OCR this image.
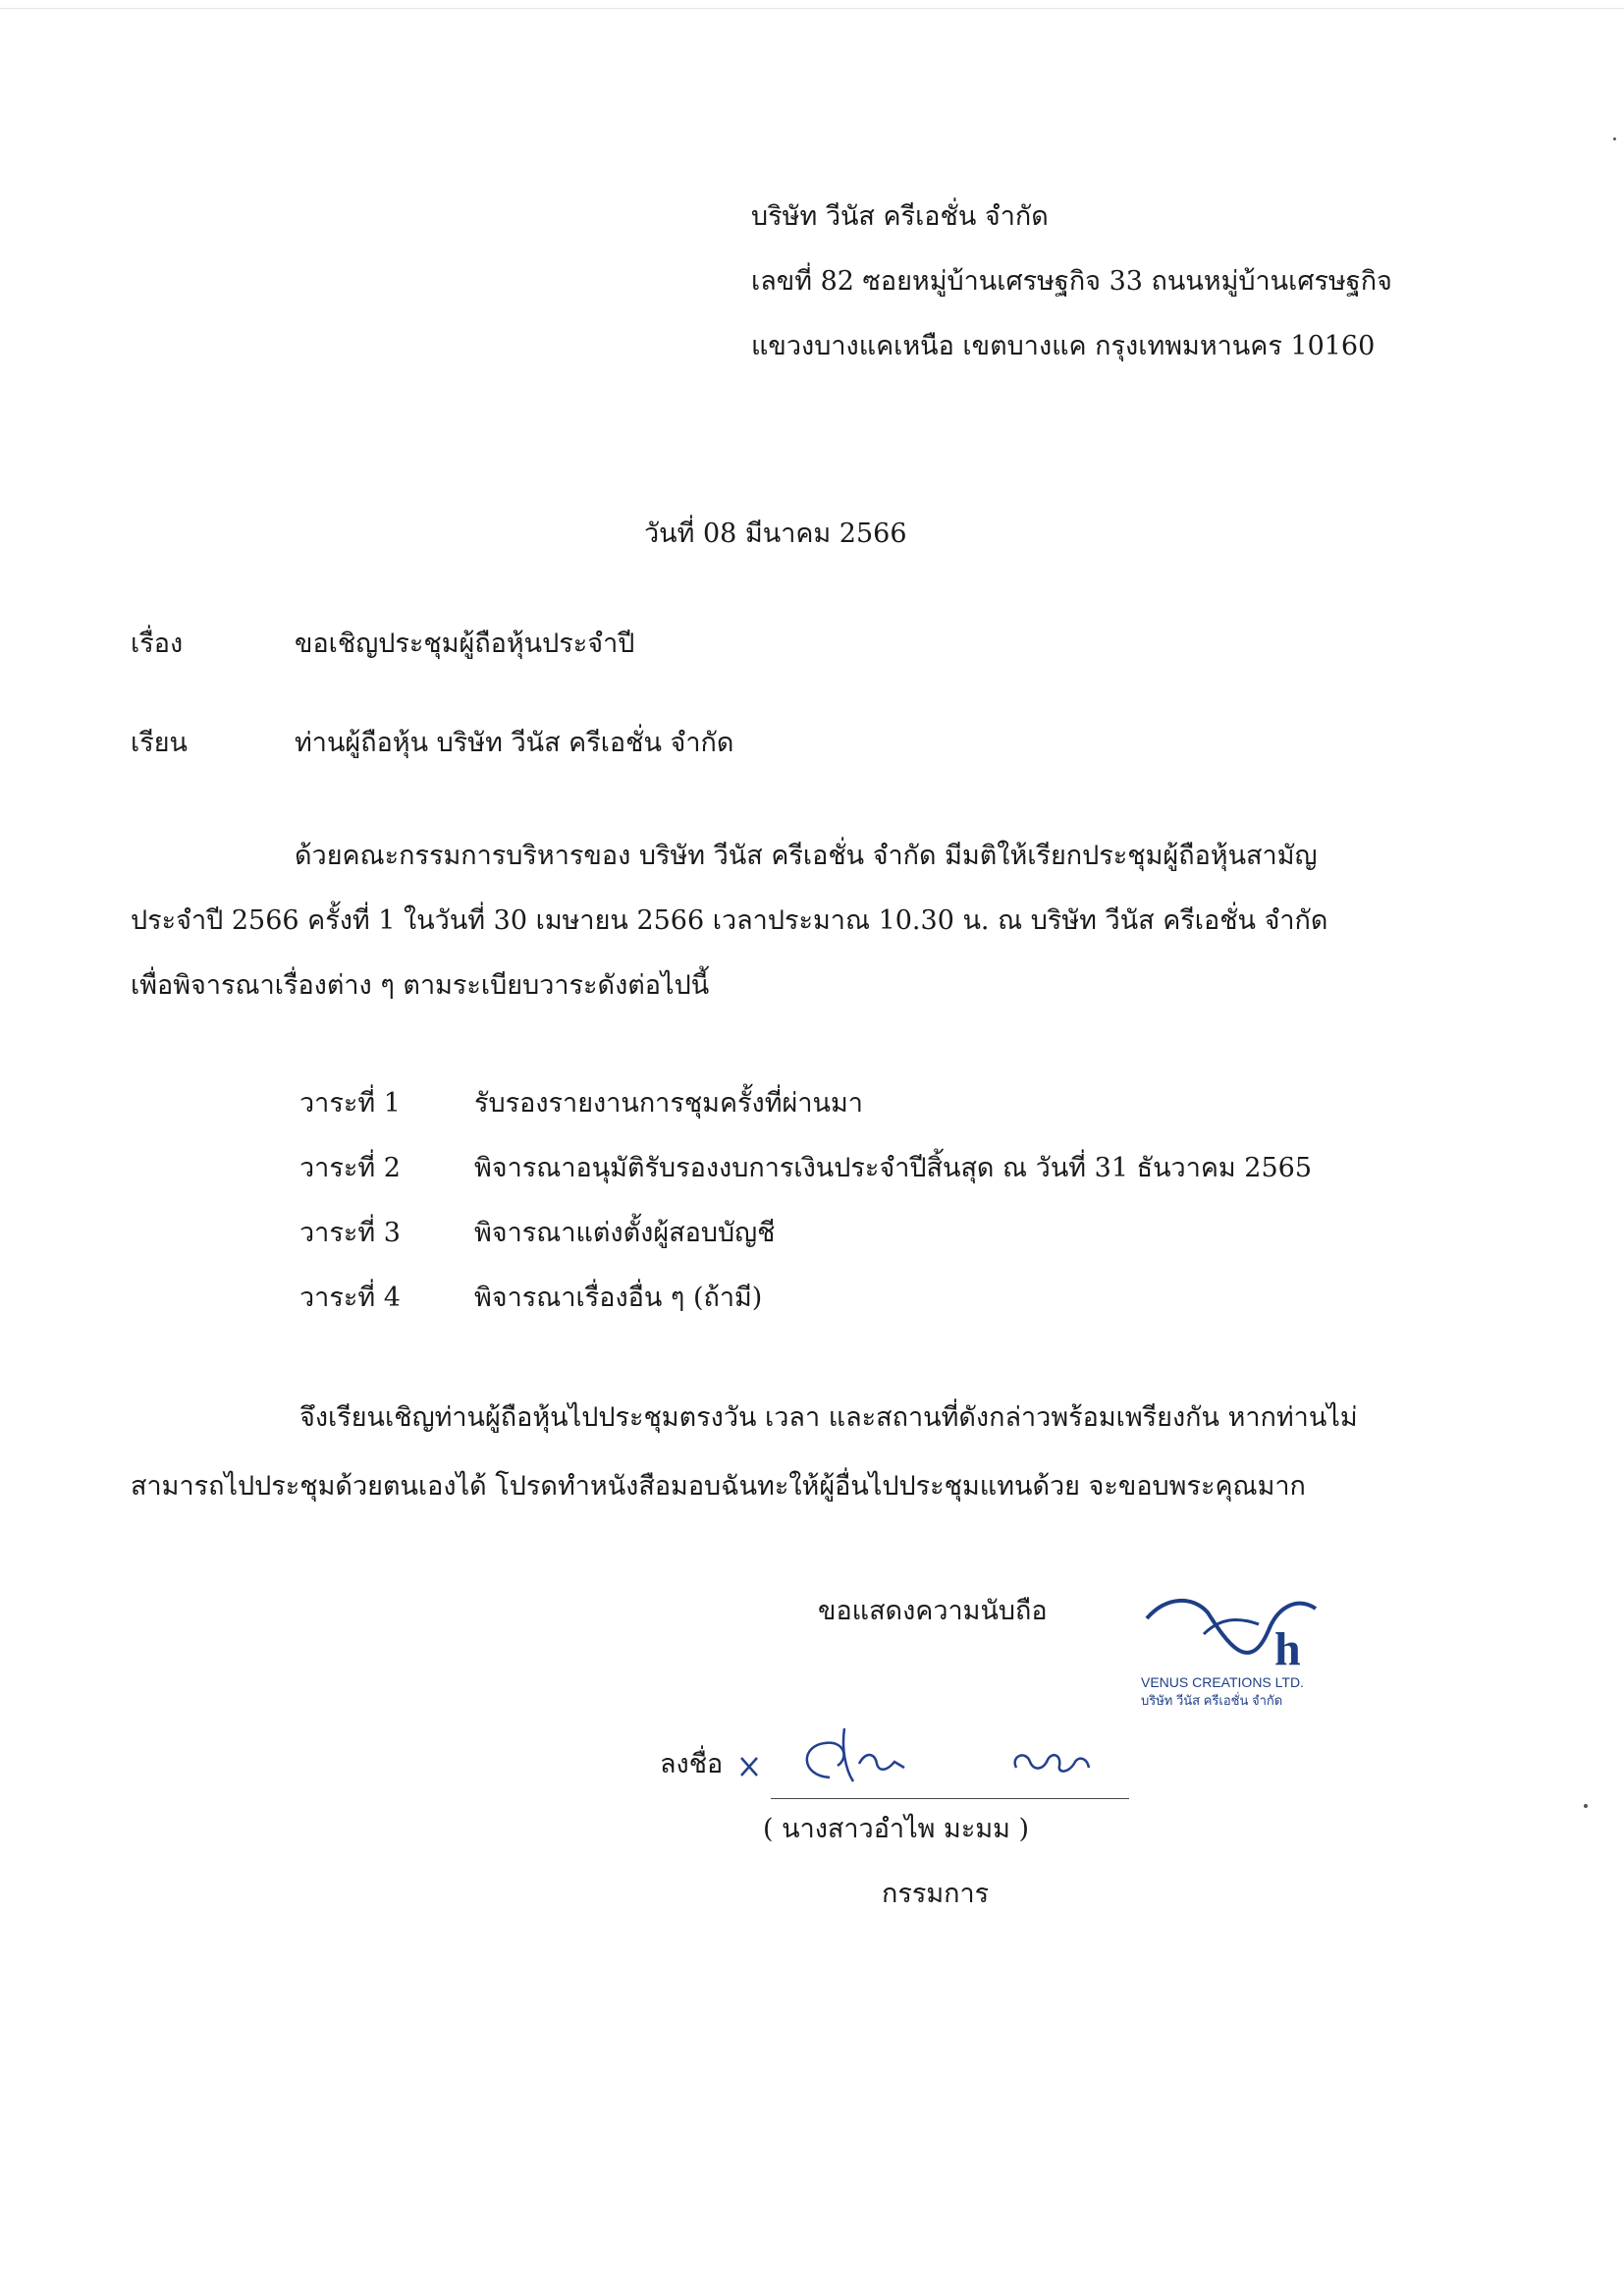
บริษัท วีนัส ครีเอชั่น จำกัด
เลขที่ 82 ซอยหมู่บ้านเศรษฐกิจ 33 ถนนหมู่บ้านเศรษฐกิจ
แขวงบางแคเหนือ เขตบางแค กรุงเทพมหานคร 10160
วันที่ 08 มีนาคม 2566
เรื่อง	ขอเชิญประชุมผู้ถือหุ้นประจำปี
เรียน	ท่านผู้ถือหุ้น บริษัท วีนัส ครีเอชั่น จำกัด
ด้วยคณะกรรมการบริหารของ บริษัท วีนัส ครีเอชั่น จำกัด มีมติให้เรียกประชุมผู้ถือหุ้นสามัญ
ประจำปี 2566 ครั้งที่ 1 ในวันที่ 30 เมษายน 2566 เวลาประมาณ 10.30 น. ณ บริษัท วีนัส ครีเอชั่น จำกัด
เพื่อพิจารณาเรื่องต่าง ๆ ตามระเบียบวาระดังต่อไปนี้
วาระที่ 1	รับรองรายงานการชุมครั้งที่ผ่านมา
วาระที่ 2	พิจารณาอนุมัติรับรองงบการเงินประจำปีสิ้นสุด ณ วันที่ 31 ธันวาคม 2565
วาระที่ 3	พิจารณาแต่งตั้งผู้สอบบัญชี
วาระที่ 4	พิจารณาเรื่องอื่น ๆ (ถ้ามี)
จึงเรียนเชิญท่านผู้ถือหุ้นไปประชุมตรงวัน เวลา และสถานที่ดังกล่าวพร้อมเพรียงกัน หากท่านไม่
สามารถไปประชุมด้วยตนเองได้ โปรดทำหนังสือมอบฉันทะให้ผู้อื่นไปประชุมแทนด้วย จะขอบพระคุณมาก
ขอแสดงความนับถือ
h
VENUS CREATIONS LTD.
บริษัท วีนัส ครีเอชั่น จำกัด
ลงชื่อ
( นางสาวอำไพ มะมม )
กรรมการ
